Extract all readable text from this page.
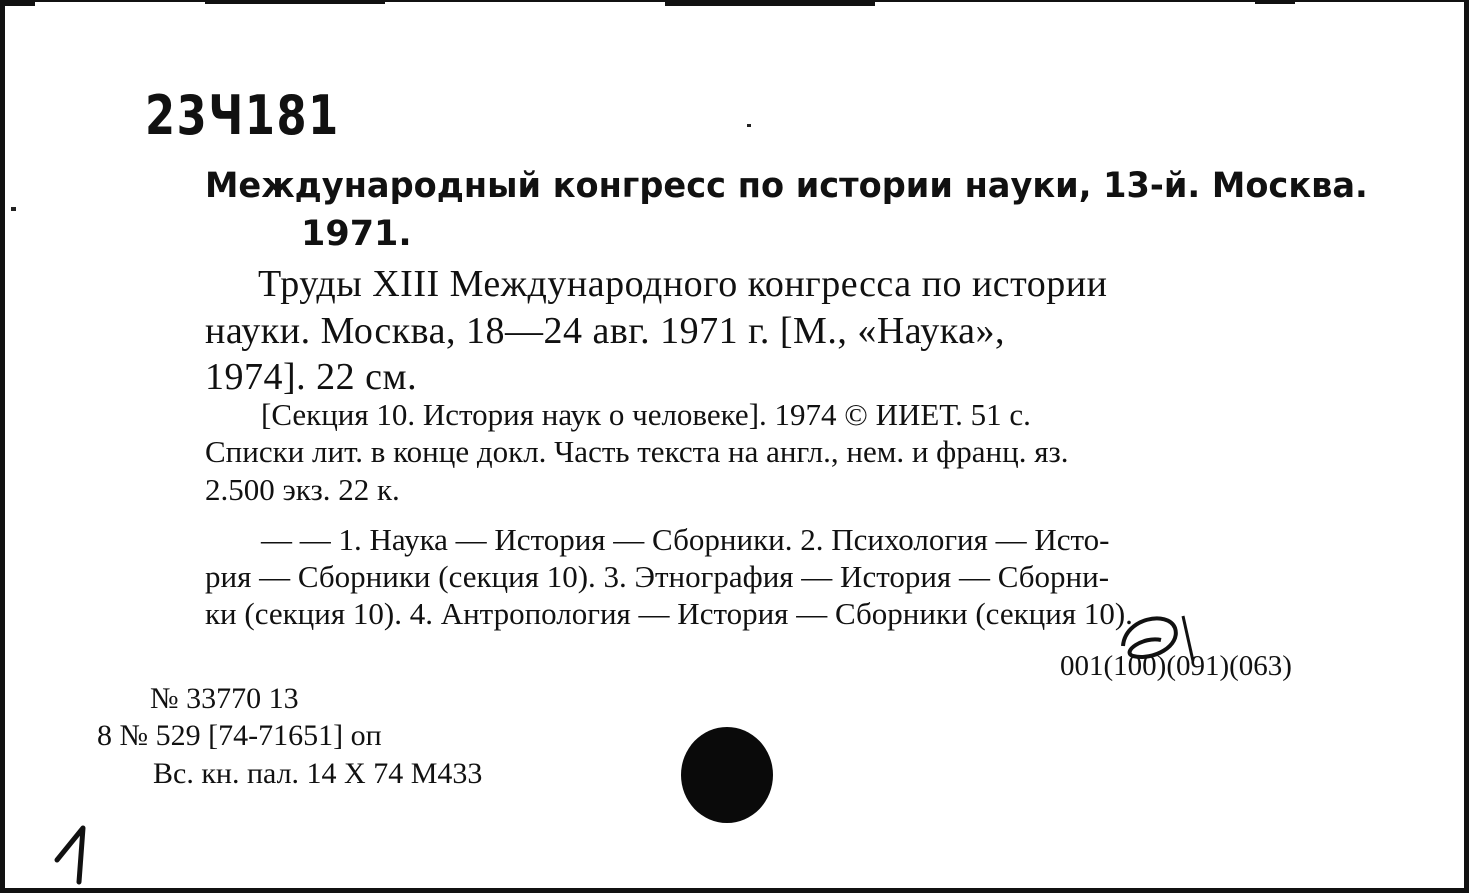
23Ч181
Международный конгресс по истории науки, 13-й. Москва.
1971.
Труды XIII Международного конгресса по истории
науки. Москва, 18—24 авг. 1971 г. [М., «Наука»,
1974]. 22 см.
[Секция 10. История наук о человеке]. 1974 © ИИЕТ. 51 с.
Списки лит. в конце докл. Часть текста на англ., нем. и франц. яз.
2.500 экз. 22 к.
— — 1. Наука — История — Сборники. 2. Психология — Исто-
рия — Сборники (секция 10). 3. Этнография — История — Сборни-
ки (секция 10). 4. Антропология — История — Сборники (секция 10).
001(100)(091)(063)
№ 33770 13
8 № 529 [74-71651] оп
Вс. кн. пал. 14 X 74 М433
